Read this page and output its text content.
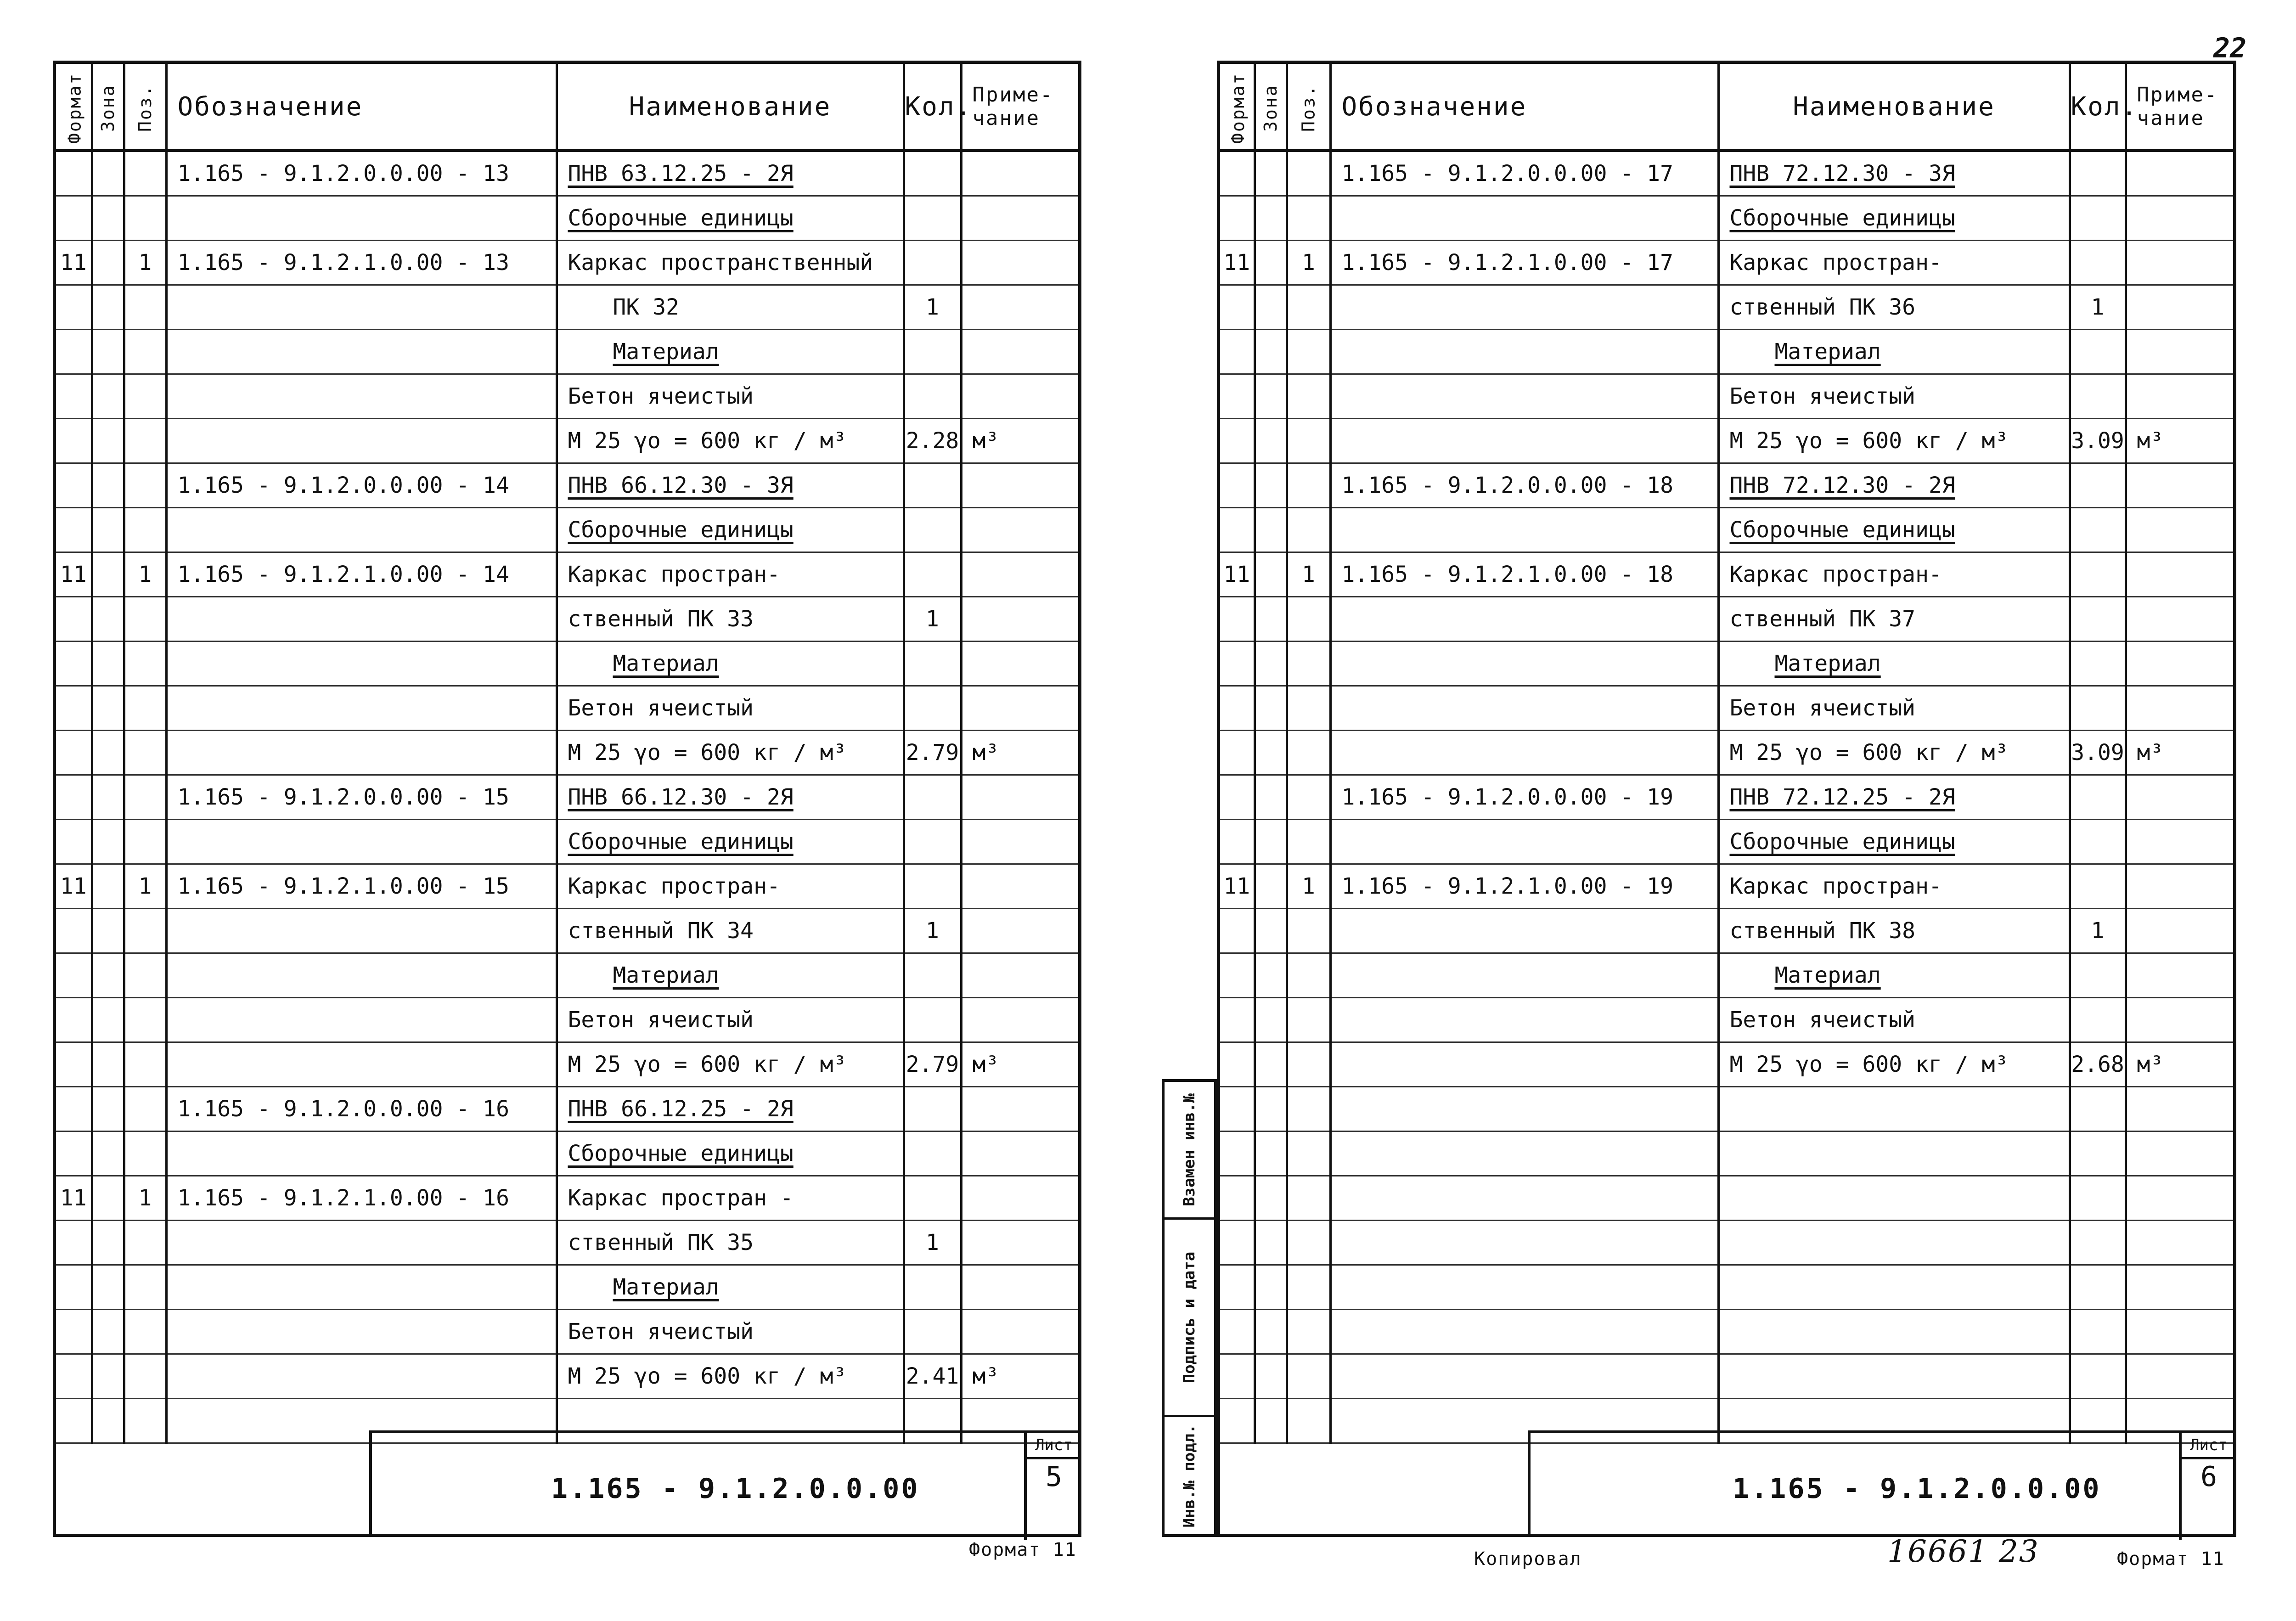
Формат	Зона	Поз.	Обозначение	Наименование	Кол.	Приме-чание
			1.165 - 9.1.2.0.0.00 - 13	ПНВ 63.12.25 - 2Я		
				Сборочные единицы		
11		1	1.165 - 9.1.2.1.0.00 - 13	Каркас пространственный		
				ПК 32	1	
				Материал		
				Бетон ячеистый		
				М 25 γo = 600 кг / м³	2.28	м³
			1.165 - 9.1.2.0.0.00 - 14	ПНВ 66.12.30 - 3Я		
				Сборочные единицы		
11		1	1.165 - 9.1.2.1.0.00 - 14	Каркас простран-		
				ственный ПК 33	1	
				Материал		
				Бетон ячеистый		
				М 25 γo = 600 кг / м³	2.79	м³
			1.165 - 9.1.2.0.0.00 - 15	ПНВ 66.12.30 - 2Я		
				Сборочные единицы		
11		1	1.165 - 9.1.2.1.0.00 - 15	Каркас простран-		
				ственный ПК 34	1	
				Материал		
				Бетон ячеистый		
				М 25 γo = 600 кг / м³	2.79	м³
			1.165 - 9.1.2.0.0.00 - 16	ПНВ 66.12.25 - 2Я		
				Сборочные единицы		
11		1	1.165 - 9.1.2.1.0.00 - 16	Каркас простран -		
				ственный ПК 35	1	
				Материал		
				Бетон ячеистый		
				М 25 γo = 600 кг / м³	2.41	м³

1.165 - 9.1.2.0.0.00
Лист
5
Формат 11
Взамен инв.№
Подпись и дата
Инв.№ подл.
Формат	Зона	Поз.	Обозначение	Наименование	Кол.	Приме-чание
			1.165 - 9.1.2.0.0.00 - 17	ПНВ 72.12.30 - 3Я		
				Сборочные единицы		
11		1	1.165 - 9.1.2.1.0.00 - 17	Каркас простран-		
				ственный ПК 36	1	
				Материал		
				Бетон ячеистый		
				М 25 γo = 600 кг / м³	3.09	м³
			1.165 - 9.1.2.0.0.00 - 18	ПНВ 72.12.30 - 2Я		
				Сборочные единицы		
11		1	1.165 - 9.1.2.1.0.00 - 18	Каркас простран-		
				ственный ПК 37		
				Материал		
				Бетон ячеистый		
				М 25 γo = 600 кг / м³	3.09	м³
			1.165 - 9.1.2.0.0.00 - 19	ПНВ 72.12.25 - 2Я		
				Сборочные единицы		
11		1	1.165 - 9.1.2.1.0.00 - 19	Каркас простран-		
				ственный ПК 38	1	
				Материал		
				Бетон ячеистый		
				М 25 γo = 600 кг / м³	2.68	м³

1.165 - 9.1.2.0.0.00
Лист
6
Копировал	16661 23	Формат 11
22
